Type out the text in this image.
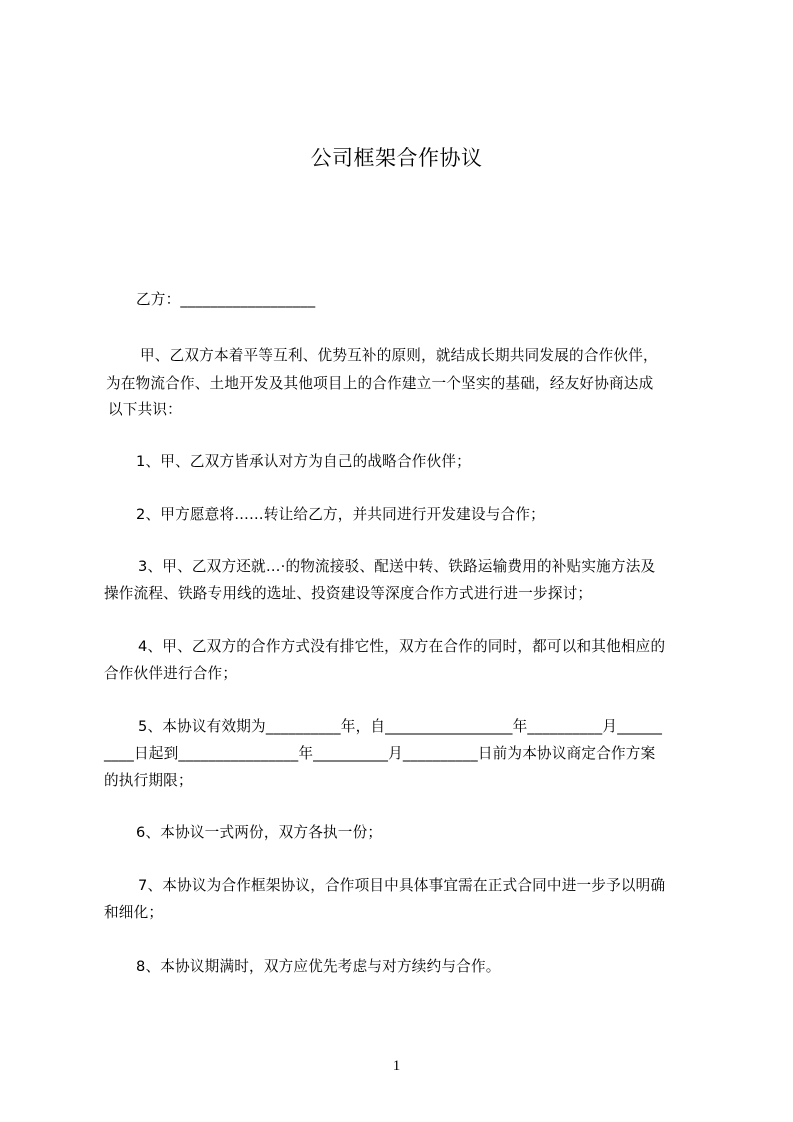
公司框架合作协议
乙方：__________________
甲、乙双方本着平等互利、优势互补的原则，就结成长期共同发展的合作伙伴，
为在物流合作、土地开发及其他项目上的合作建立一个坚实的基础，经友好协商达成
以下共识：
1、甲、乙双方皆承认对方为自己的战略合作伙伴；
2、甲方愿意将……转让给乙方，并共同进行开发建设与合作；
3、甲、乙双方还就…·的物流接驳、配送中转、铁路运输费用的补贴实施方法及
操作流程、铁路专用线的选址、投资建设等深度合作方式进行进一步探讨；
4、甲、乙双方的合作方式没有排它性，双方在合作的同时，都可以和其他相应的
合作伙伴进行合作；
5、本协议有效期为__________年，自_________________年__________月______
____日起到________________年__________月__________日前为本协议商定合作方案
的执行期限；
6、本协议一式两份，双方各执一份；
7、本协议为合作框架协议，合作项目中具体事宜需在正式合同中进一步予以明确
和细化；
8、本协议期满时，双方应优先考虑与对方续约与合作。
1
